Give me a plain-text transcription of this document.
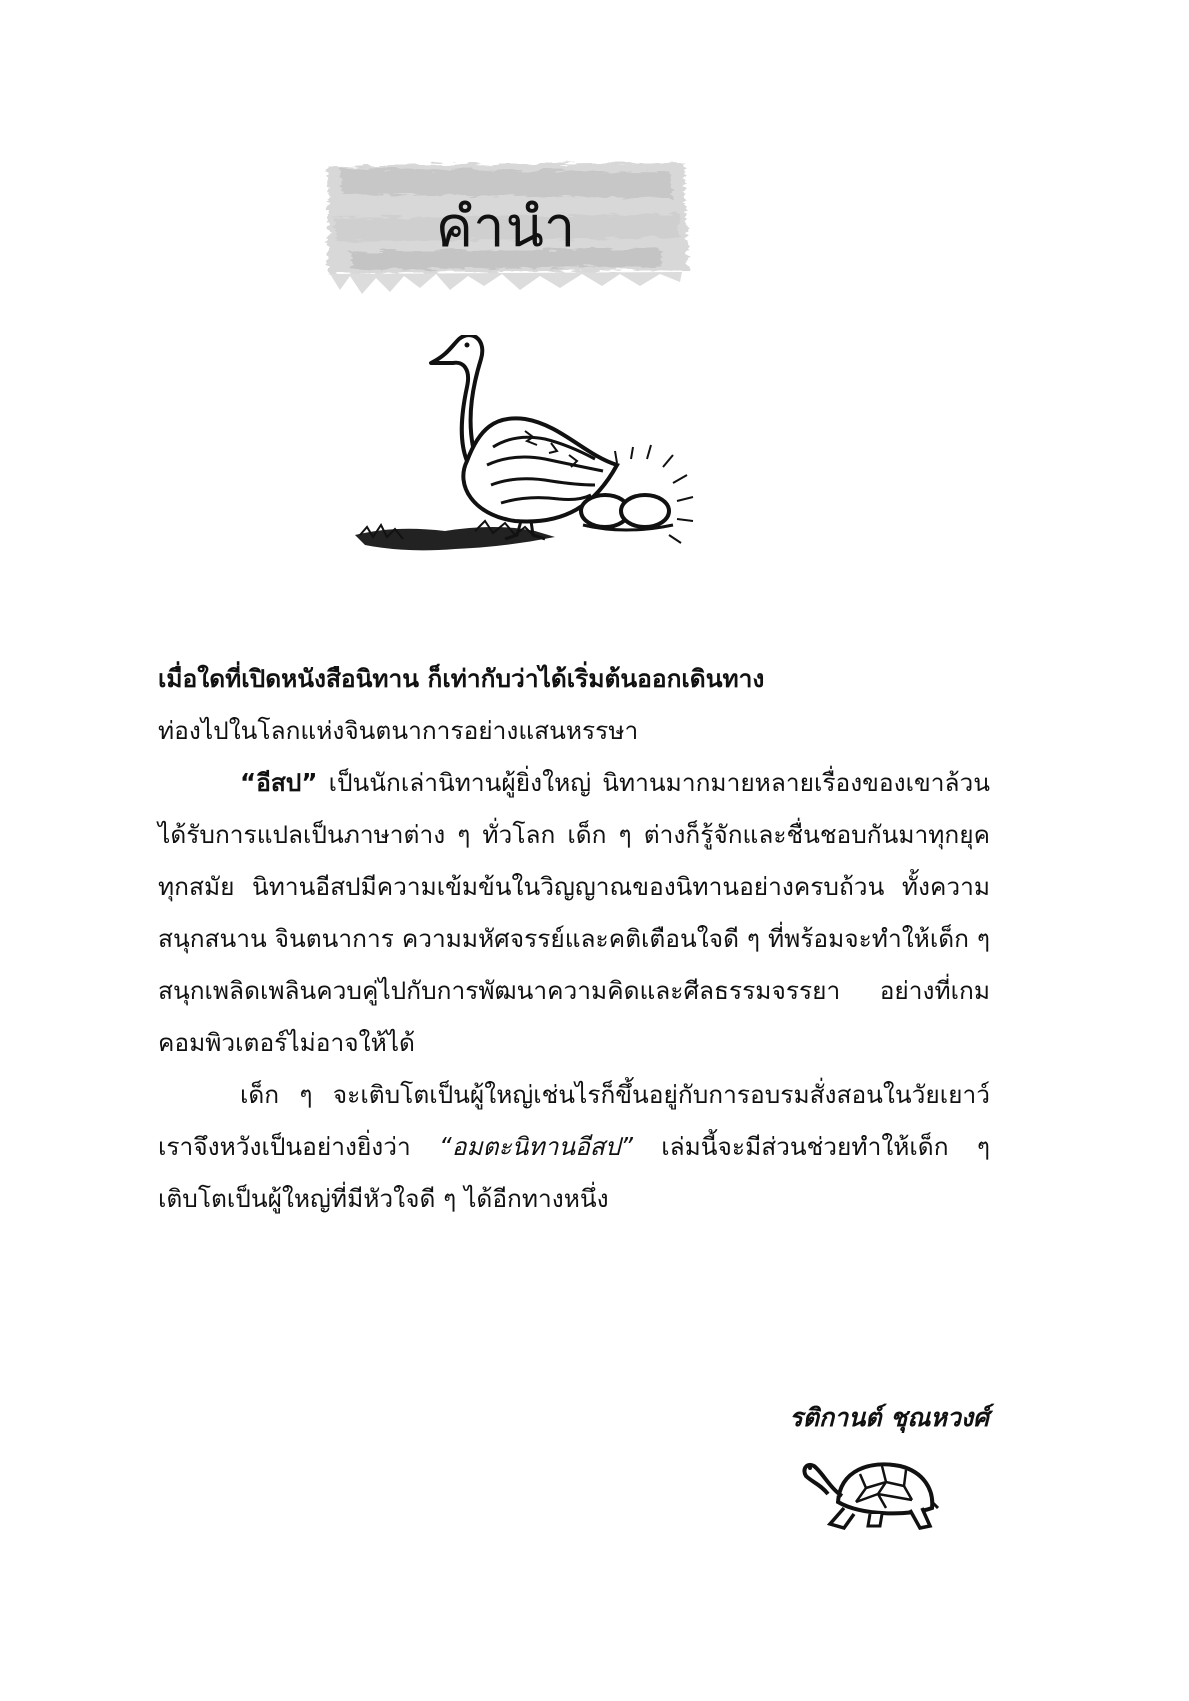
คำนำ

เมื่อใดที่เปิดหนังสือนิทาน ก็เท่ากับว่าได้เริ่มต้นออกเดินทาง
ท่องไปในโลกแห่งจินตนาการอย่างแสนหรรษา

“อีสป” เป็นนักเล่านิทานผู้ยิ่งใหญ่ นิทานมากมายหลายเรื่องของเขาล้วนได้รับการแปลเป็นภาษาต่าง ๆ ทั่วโลก เด็ก ๆ ต่างก็รู้จักและชื่นชอบกันมาทุกยุคทุกสมัย นิทานอีสปมีความเข้มข้นในวิญญาณของนิทานอย่างครบถ้วน ทั้งความสนุกสนาน จินตนาการ ความมหัศจรรย์และคติเตือนใจดี ๆ ที่พร้อมจะทำให้เด็ก ๆ สนุกเพลิดเพลินควบคู่ไปกับการพัฒนาความคิดและศีลธรรมจรรยา อย่างที่เกมคอมพิวเตอร์ไม่อาจให้ได้

เด็ก ๆ จะเติบโตเป็นผู้ใหญ่เช่นไรก็ขึ้นอยู่กับการอบรมสั่งสอนในวัยเยาว์ เราจึงหวังเป็นอย่างยิ่งว่า “อมตะนิทานอีสป” เล่มนี้จะมีส่วนช่วยทำให้เด็ก ๆ เติบโตเป็นผู้ใหญ่ที่มีหัวใจดี ๆ ได้อีกทางหนึ่ง

รติกานต์ ชุณหวงศ์
